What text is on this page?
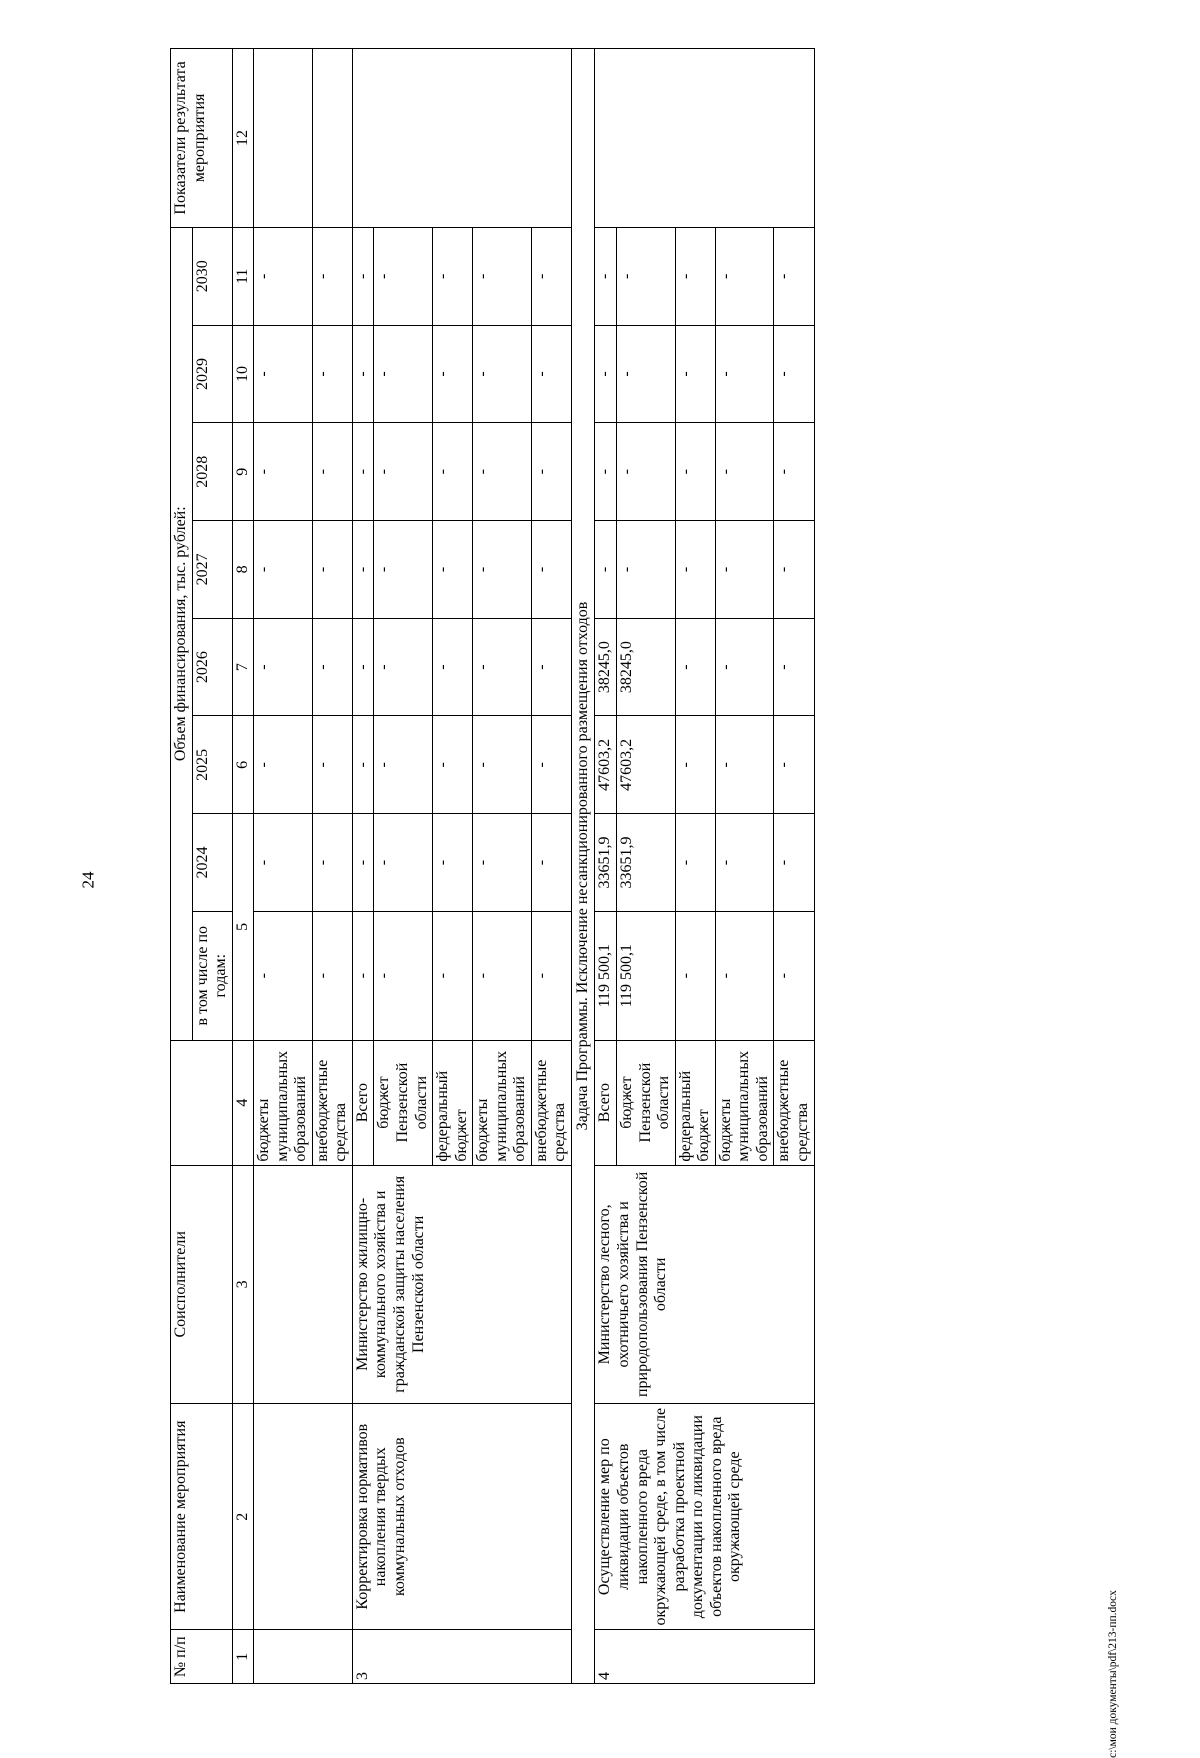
24
№ п/п	Наименование мероприятия	Соисполнители		Объем финансирования, тыс. рублей:								Показатели результата мероприятия
				в том числе по годам:	2024	2025	2026	2027	2028	2029	2030	
1	2	3	4	5		6	7	8	9	10	11	12
			бюджеты муниципальных образований	-	-	-	-	-	-	-	-	
			внебюджетные средства	-	-	-	-	-	-	-	-	
3	Корректировка нормативов накопления твердых коммунальных отходов	Министерство жилищно-коммунального хозяйства и гражданской защиты населения Пензенской области	Всего	-	-	-	-	-	-	-	-	
			бюджет Пензенской области	-	-	-	-	-	-	-	-	
			федеральный бюджет	-	-	-	-	-	-	-	-	
			бюджеты муниципальных образований	-	-	-	-	-	-	-	-	
			внебюджетные средства	-	-	-	-	-	-	-	-	
Задача Программы. Исключение несанкционированного размещения отходов												
4	Осуществление мер по ликвидации объектов накопленного вреда окружающей среде, в том числе разработка проектной документации по ликвидации объектов накопленного вреда окружающей среде	Министерство лесного, охотничьего хозяйства и природопользования Пензенской области	Всего	119 500,1	33651,9	47603,2	38245,0	-	-	-	-	
			бюджет Пензенской области	119 500,1	33651,9	47603,2	38245,0	-	-	-	-	
			федеральный бюджет	-	-	-	-	-	-	-	-	
			бюджеты муниципальных образований	-	-	-	-	-	-	-	-	
			внебюджетные средства	-	-	-	-	-	-	-	-	
c:\мои документы\pdf\213-пп.docx
